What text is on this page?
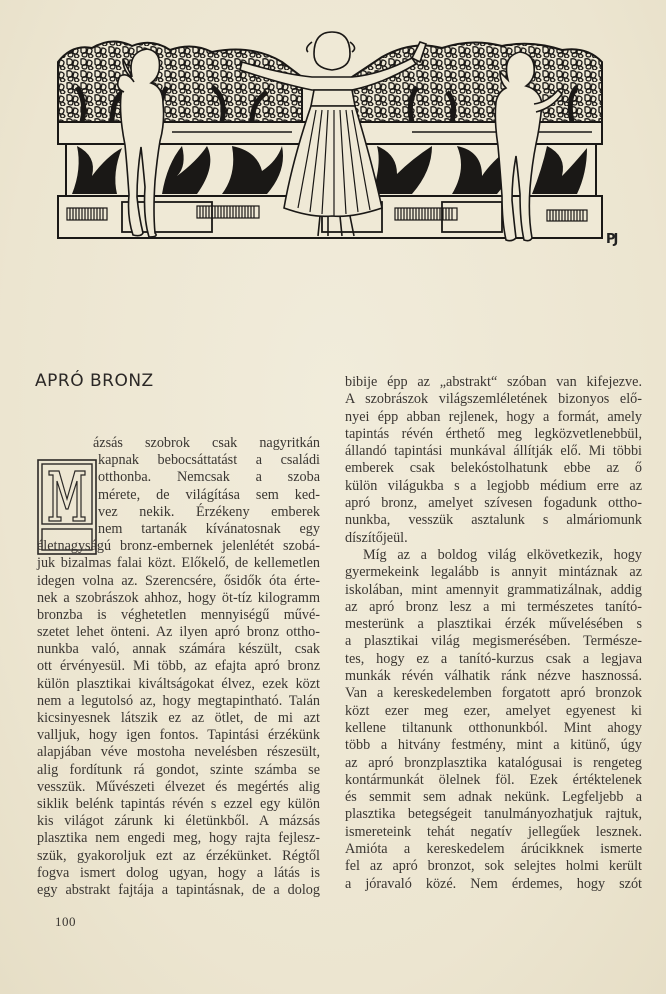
PJ
APRÓ BRONZ
ázsás szobrok csak nagyritkán
kapnak bebocsáttatást a családi
otthonba. Nemcsak a szoba
mérete, de világítása sem ked-
vez nekik. Érzékeny emberek
nem tartanák kívánatosnak egy
életnagyságú bronz-embernek jelenlétét szobá-
juk bizalmas falai közt. Előkelő, de kellemetlen
idegen volna az. Szerencsére, ősidők óta érte-
nek a szobrászok ahhoz, hogy öt-tíz kilogramm
bronzba is véghetetlen mennyiségű művé-
szetet lehet önteni. Az ilyen apró bronz ottho-
nunkba való, annak számára készült, csak
ott érvényesül. Mi több, az efajta apró bronz
külön plasztikai kiváltságokat élvez, ezek közt
nem a legutolsó az, hogy megtapintható. Talán
kicsinyesnek látszik ez az ötlet, de mi azt
valljuk, hogy igen fontos. Tapintási érzékünk
alapjában véve mostoha nevelésben részesült,
alig fordítunk rá gondot, szinte számba se
vesszük. Művészeti élvezet és megértés alig
siklik belénk tapintás révén s ezzel egy külön
kis világot zárunk ki életünkből. A mázsás
plasztika nem engedi meg, hogy rajta fejlesz-
szük, gyakoroljuk ezt az érzékünket. Régtől
fogva ismert dolog ugyan, hogy a látás is
egy abstrakt fajtája a tapintásnak, de a dolog
bibije épp az „abstrakt“ szóban van kifejezve.
A szobrászok világszemléletének bizonyos elő-
nyei épp abban rejlenek, hogy a formát, amely
tapintás révén érthető meg legközvetlenebbül,
állandó tapintási munkával állítják elő. Mi többi
emberek csak belekóstolhatunk ebbe az ő
külön világukba s a legjobb médium erre az
apró bronz, amelyet szívesen fogadunk ottho-
nunkba, vesszük asztalunk s almáriomunk
díszítőjeül.
Míg az a boldog világ elkövetkezik, hogy
gyermekeink legalább is annyit mintáznak az
iskolában, mint amennyit grammatizálnak, addig
az apró bronz lesz a mi természetes tanító-
mesterünk a plasztikai érzék művelésében s
a plasztikai világ megismerésében. Természe-
tes, hogy ez a tanító-kurzus csak a legjava
munkák révén válhatik ránk nézve hasznossá.
Van a kereskedelemben forgatott apró bronzok
közt ezer meg ezer, amelyet egyenest ki
kellene tiltanunk otthonunkból. Mint ahogy
több a hitvány festmény, mint a kitünő, úgy
az apró bronzplasztika katalógusai is rengeteg
kontármunkát ölelnek föl. Ezek értéktelenek
és semmit sem adnak nekünk. Legfeljebb a
plasztika betegségeit tanulmányozhatjuk rajtuk,
ismereteink tehát negatív jellegűek lesznek.
Amióta a kereskedelem árúcikknek ismerte
fel az apró bronzot, sok selejtes holmi került
a jóravaló közé. Nem érdemes, hogy szót
100
